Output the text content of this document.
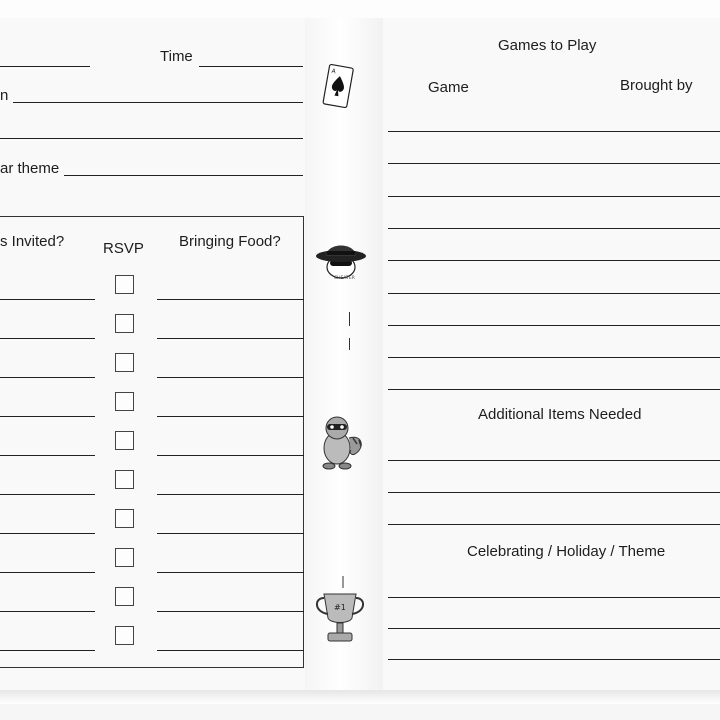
Time
n
ar theme
s Invited?	RSVP Bringing Food?
A
CHEATER
#1
Games to Play
Game	Brought by
Additional Items Needed
Celebrating / Holiday / Theme
